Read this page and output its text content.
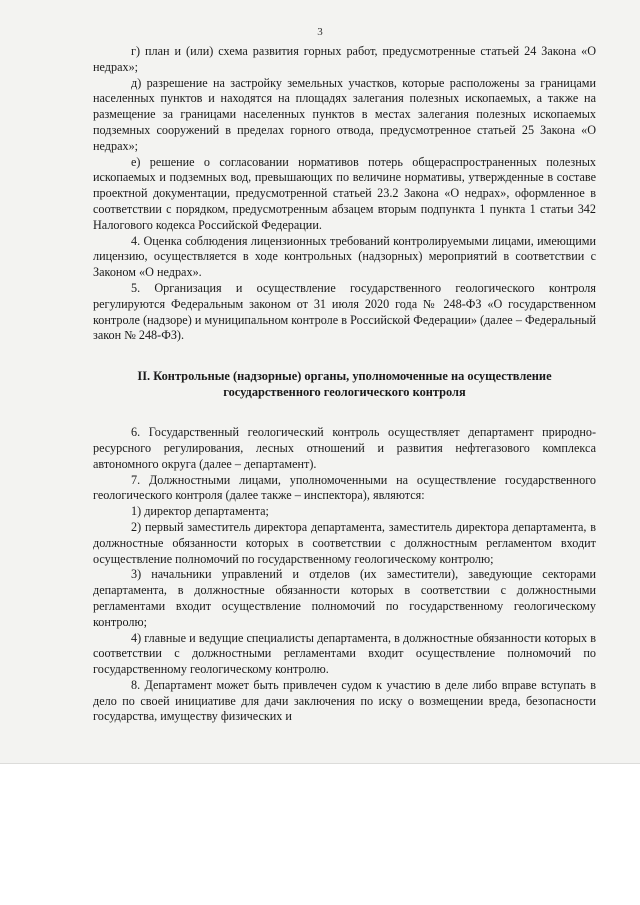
3

г) план и (или) схема развития горных работ, предусмотренные статьей 24 Закона «О недрах»;

д) разрешение на застройку земельных участков, которые расположены за границами населенных пунктов и находятся на площадях залегания полезных ископаемых, а также на размещение за границами населенных пунктов в местах залегания полезных ископаемых подземных сооружений в пределах горного отвода, предусмотренное статьей 25 Закона «О недрах»;

е) решение о согласовании нормативов потерь общераспространенных полезных ископаемых и подземных вод, превышающих по величине нормативы, утвержденные в составе проектной документации, предусмотренной статьей 23.2 Закона «О недрах», оформленное в соответствии с порядком, предусмотренным абзацем вторым подпункта 1 пункта 1 статьи 342 Налогового кодекса Российской Федерации.

4. Оценка соблюдения лицензионных требований контролируемыми лицами, имеющими лицензию, осуществляется в ходе контрольных (надзорных) мероприятий в соответствии с Законом «О недрах».

5. Организация и осуществление государственного геологического контроля регулируются Федеральным законом от 31 июля 2020 года № 248-ФЗ «О государственном контроле (надзоре) и муниципальном контроле в Российской Федерации» (далее – Федеральный закон № 248-ФЗ).

II. Контрольные (надзорные) органы, уполномоченные на осуществление государственного геологического контроля

6. Государственный геологический контроль осуществляет департамент природно-ресурсного регулирования, лесных отношений и развития нефтегазового комплекса автономного округа (далее – департамент).

7. Должностными лицами, уполномоченными на осуществление государственного геологического контроля (далее также – инспектора), являются:

1) директор департамента;

2) первый заместитель директора департамента, заместитель директора департамента, в должностные обязанности которых в соответствии с должностным регламентом входит осуществление полномочий по государственному геологическому контролю;

3) начальники управлений и отделов (их заместители), заведующие секторами департамента, в должностные обязанности которых в соответствии с должностными регламентами входит осуществление полномочий по государственному геологическому контролю;

4) главные и ведущие специалисты департамента, в должностные обязанности которых в соответствии с должностными регламентами входит осуществление полномочий по государственному геологическому контролю.

8. Департамент может быть привлечен судом к участию в деле либо вправе вступать в дело по своей инициативе для дачи заключения по иску о возмещении вреда, безопасности государства, имуществу физических и
